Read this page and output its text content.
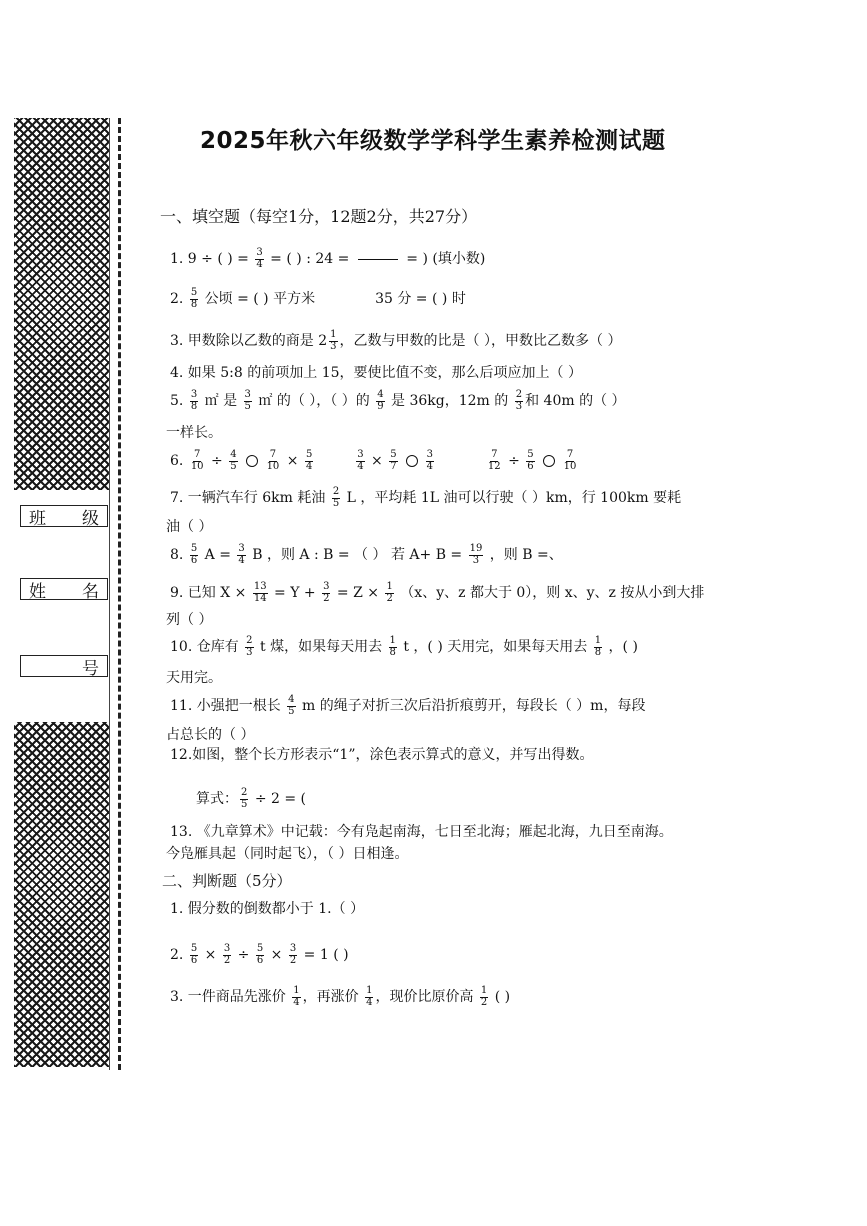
班 级
姓 名
号
2025年秋六年级数学学科学生素养检测试题
一、填空题（每空1分，12题2分，共27分）
1. 9 ÷ ( ) = $\frac{3}{4}$ = ( ) : 24 =	= ) (填小数)
2. $\frac{5}{8}$ 公顷 = ( ) 平方米	35 分 = ( ) 时
3. 甲数除以乙数的商是 $2 \frac{1}{3}$ ，乙数与甲数的比是（ ），甲数比乙数多（ ）
4. 如果 5:8 的前项加上 15，要使比值不变，那么后项应加上（ ）
5. $\frac{3}{8}$ ㎡ 是 $\frac{3}{5}$ ㎡ 的（ ），（ ）的 $\frac{4}{9}$ 是 36kg，12m 的 $\frac{2}{3}$ 和 40m 的（ ）
一样长。
6. $\frac{7}{10} \div \frac{4}{5}$	$\frac{7}{10} \times \frac{5}{4}$
	$\frac{3}{4} \times \frac{5}{7}$	$\frac{3}{4}$
	$\frac{7}{12} \div \frac{5}{6}$	$\frac{7}{10}$
7. 一辆汽车行 6km 耗油 $\frac{2}{5}$ L ，平均耗 1L 油可以行驶（ ）km，行 100km 要耗
油（ ）
8. $\frac{5}{6}$ $A = \frac{3}{4}$ B ，则 A : B = （ ） 若 $A+ B = \frac{19}{3}$ ，则 B =、
9. 已知 $X \times \frac{13}{14} = Y + \frac{3}{2} = Z \times \frac{1}{2} (x$、y、z 都大于 0），则 x、y、z 按从小到大排
列（ ）
10. 仓库有 $\frac{2}{3}$ t 煤，如果每天用去 $\frac{1}{8}$ t ，( ) 天用完，如果每天用去 $\frac{1}{8}$ ，( )
天用完。
11. 小强把一根长 $\frac{4}{5}$ m 的绳子对折三次后沿折痕剪开，每段长（ ）m，每段
占总长的（ ）
12.如图，整个长方形表示“1”，涂色表示算式的意义，并写出得数。
算式： $\frac{2}{5} \div 2$ = (
13. 《九章算术》中记载：今有凫起南海，七日至北海；雁起北海，九日至南海。
今凫雁具起（同时起飞），（ ）日相逢。
二、判断题（5分）
1. 假分数的倒数都小于 1.（ ）
2. $\frac{5}{6} \times \frac{3}{2} \div \frac{5}{6} \times \frac{3}{2} = 1$ ( )
3. 一件商品先涨价 $\frac{1}{4}$ ，再涨价 $\frac{1}{4}$ ，现价比原价高 $\frac{1}{2}$ ( )
